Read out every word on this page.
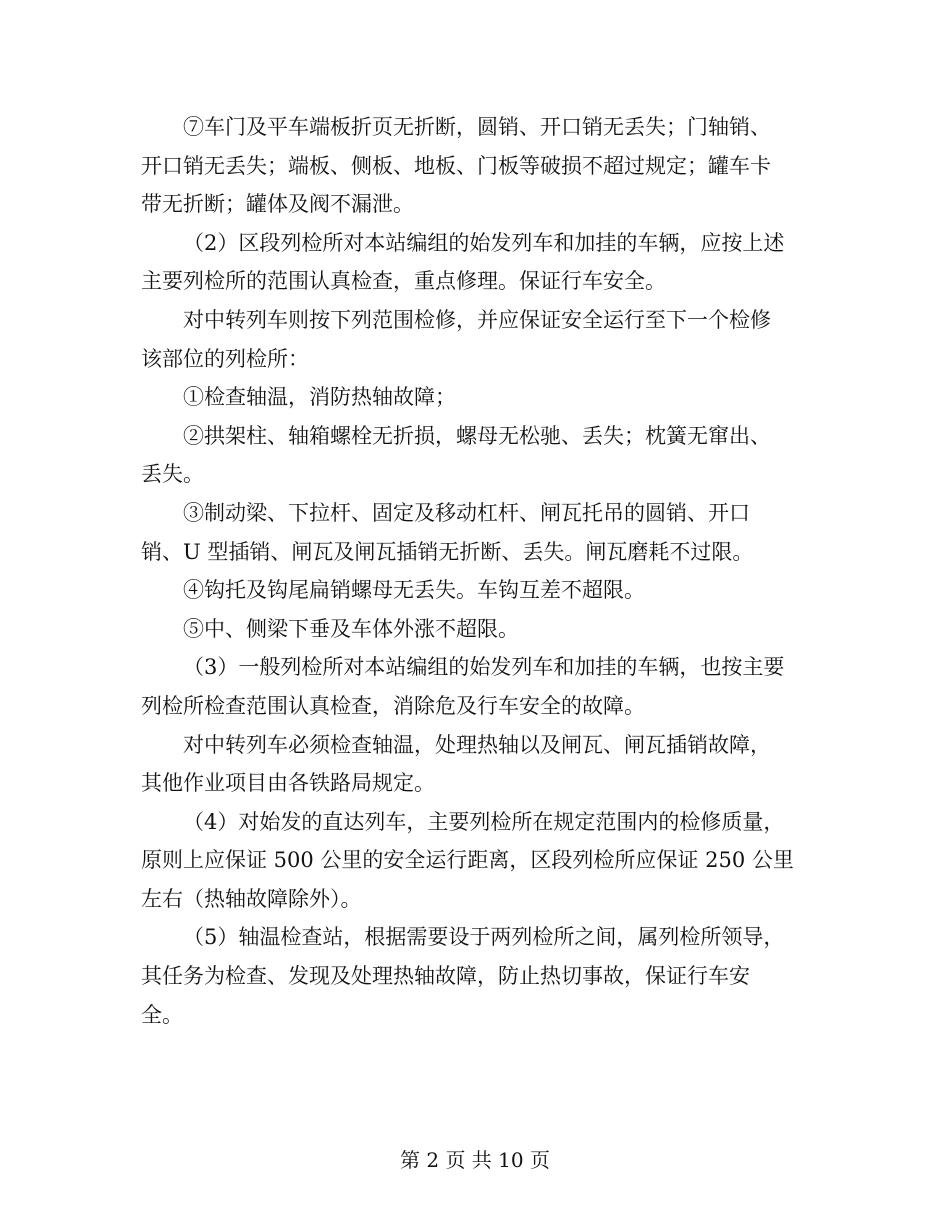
⑦车门及平车端板折页无折断，圆销、开口销无丢失；门轴销、
开口销无丢失；端板、侧板、地板、门板等破损不超过规定；罐车卡
带无折断；罐体及阀不漏泄。
（2）区段列检所对本站编组的始发列车和加挂的车辆，应按上述
主要列检所的范围认真检查，重点修理。保证行车安全。
对中转列车则按下列范围检修，并应保证安全运行至下一个检修
该部位的列检所：
①检查轴温，消防热轴故障；
②拱架柱、轴箱螺栓无折损，螺母无松驰、丢失；枕簧无窜出、
丢失。
③制动梁、下拉杆、固定及移动杠杆、闸瓦托吊的圆销、开口
销、U 型插销、闸瓦及闸瓦插销无折断、丢失。闸瓦磨耗不过限。
④钩托及钩尾扁销螺母无丢失。车钩互差不超限。
⑤中、侧梁下垂及车体外涨不超限。
（3）一般列检所对本站编组的始发列车和加挂的车辆，也按主要
列检所检查范围认真检查，消除危及行车安全的故障。
对中转列车必须检查轴温，处理热轴以及闸瓦、闸瓦插销故障，
其他作业项目由各铁路局规定。
（4）对始发的直达列车，主要列检所在规定范围内的检修质量，
原则上应保证 500 公里的安全运行距离，区段列检所应保证 250 公里
左右（热轴故障除外）。
（5）轴温检查站，根据需要设于两列检所之间，属列检所领导，
其任务为检查、发现及处理热轴故障，防止热切事故，保证行车安
全。
第 2 页 共 10 页
